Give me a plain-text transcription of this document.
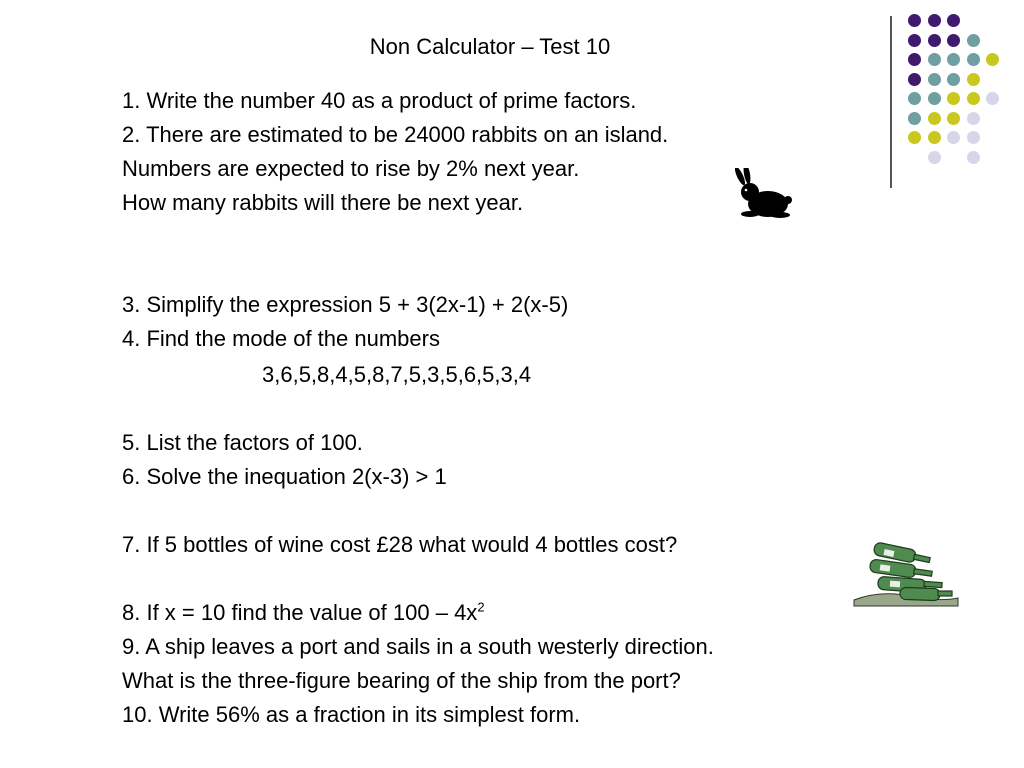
Non Calculator – Test 10
1. Write the number 40 as a product of prime factors.
2. There are estimated to be 24000 rabbits on an island.
Numbers are expected to rise by 2% next year.
How many rabbits will there be next year.
3. Simplify the expression 5 + 3(2x-1) + 2(x-5)
4. Find the mode of the numbers
3,6,5,8,4,5,8,7,5,3,5,6,5,3,4
5. List the factors of 100.
6. Solve the inequation 2(x-3) > 1
7. If 5 bottles of wine cost £28 what would 4 bottles cost?
8. If x = 10 find the value of $100 - 4x^2$
9. A ship leaves a port and sails in a south westerly direction.
What is the three-figure bearing of the ship from the port?
10. Write 56% as a fraction in its simplest form.
